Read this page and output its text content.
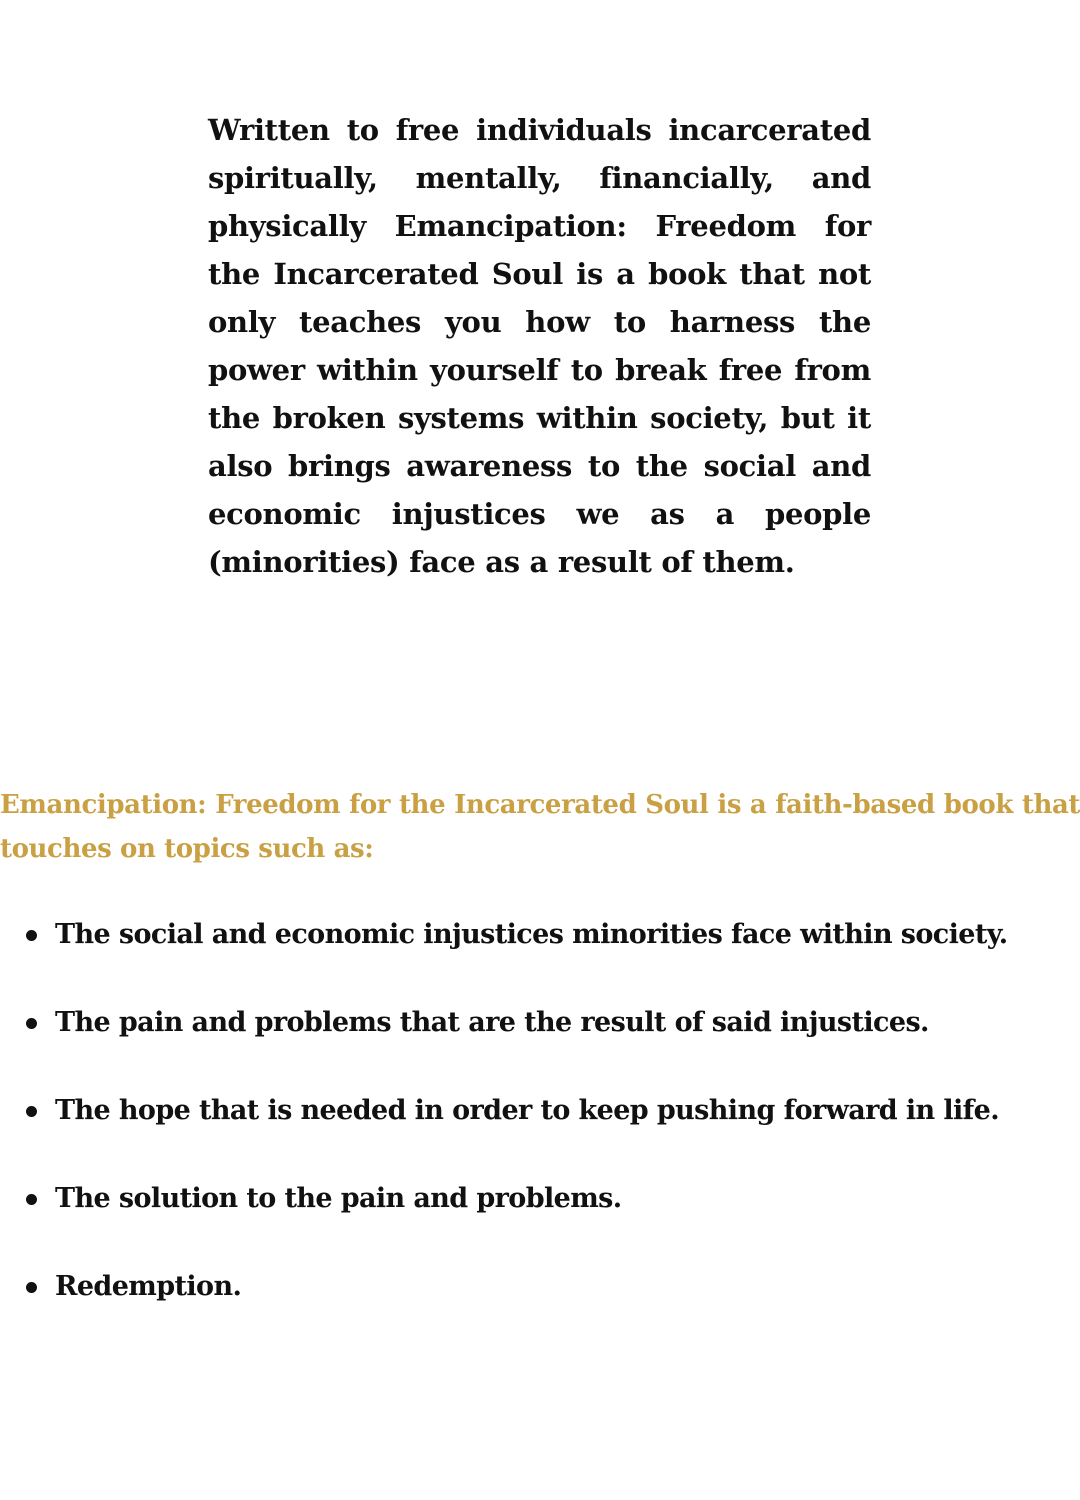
Written to free individuals incarcerated spiritually, mentally, financially, and physically Emancipation: Freedom for the Incarcerated Soul is a book that not only teaches you how to harness the power within yourself to break free from the broken systems within society, but it also brings awareness to the social and economic injustices we as a people (minorities) face as a result of them.

Emancipation: Freedom for the Incarcerated Soul is a faith-based book that touches on topics such as:

The social and economic injustices minorities face within society.
The pain and problems that are the result of said injustices.
The hope that is needed in order to keep pushing forward in life.
The solution to the pain and problems.
Redemption.
